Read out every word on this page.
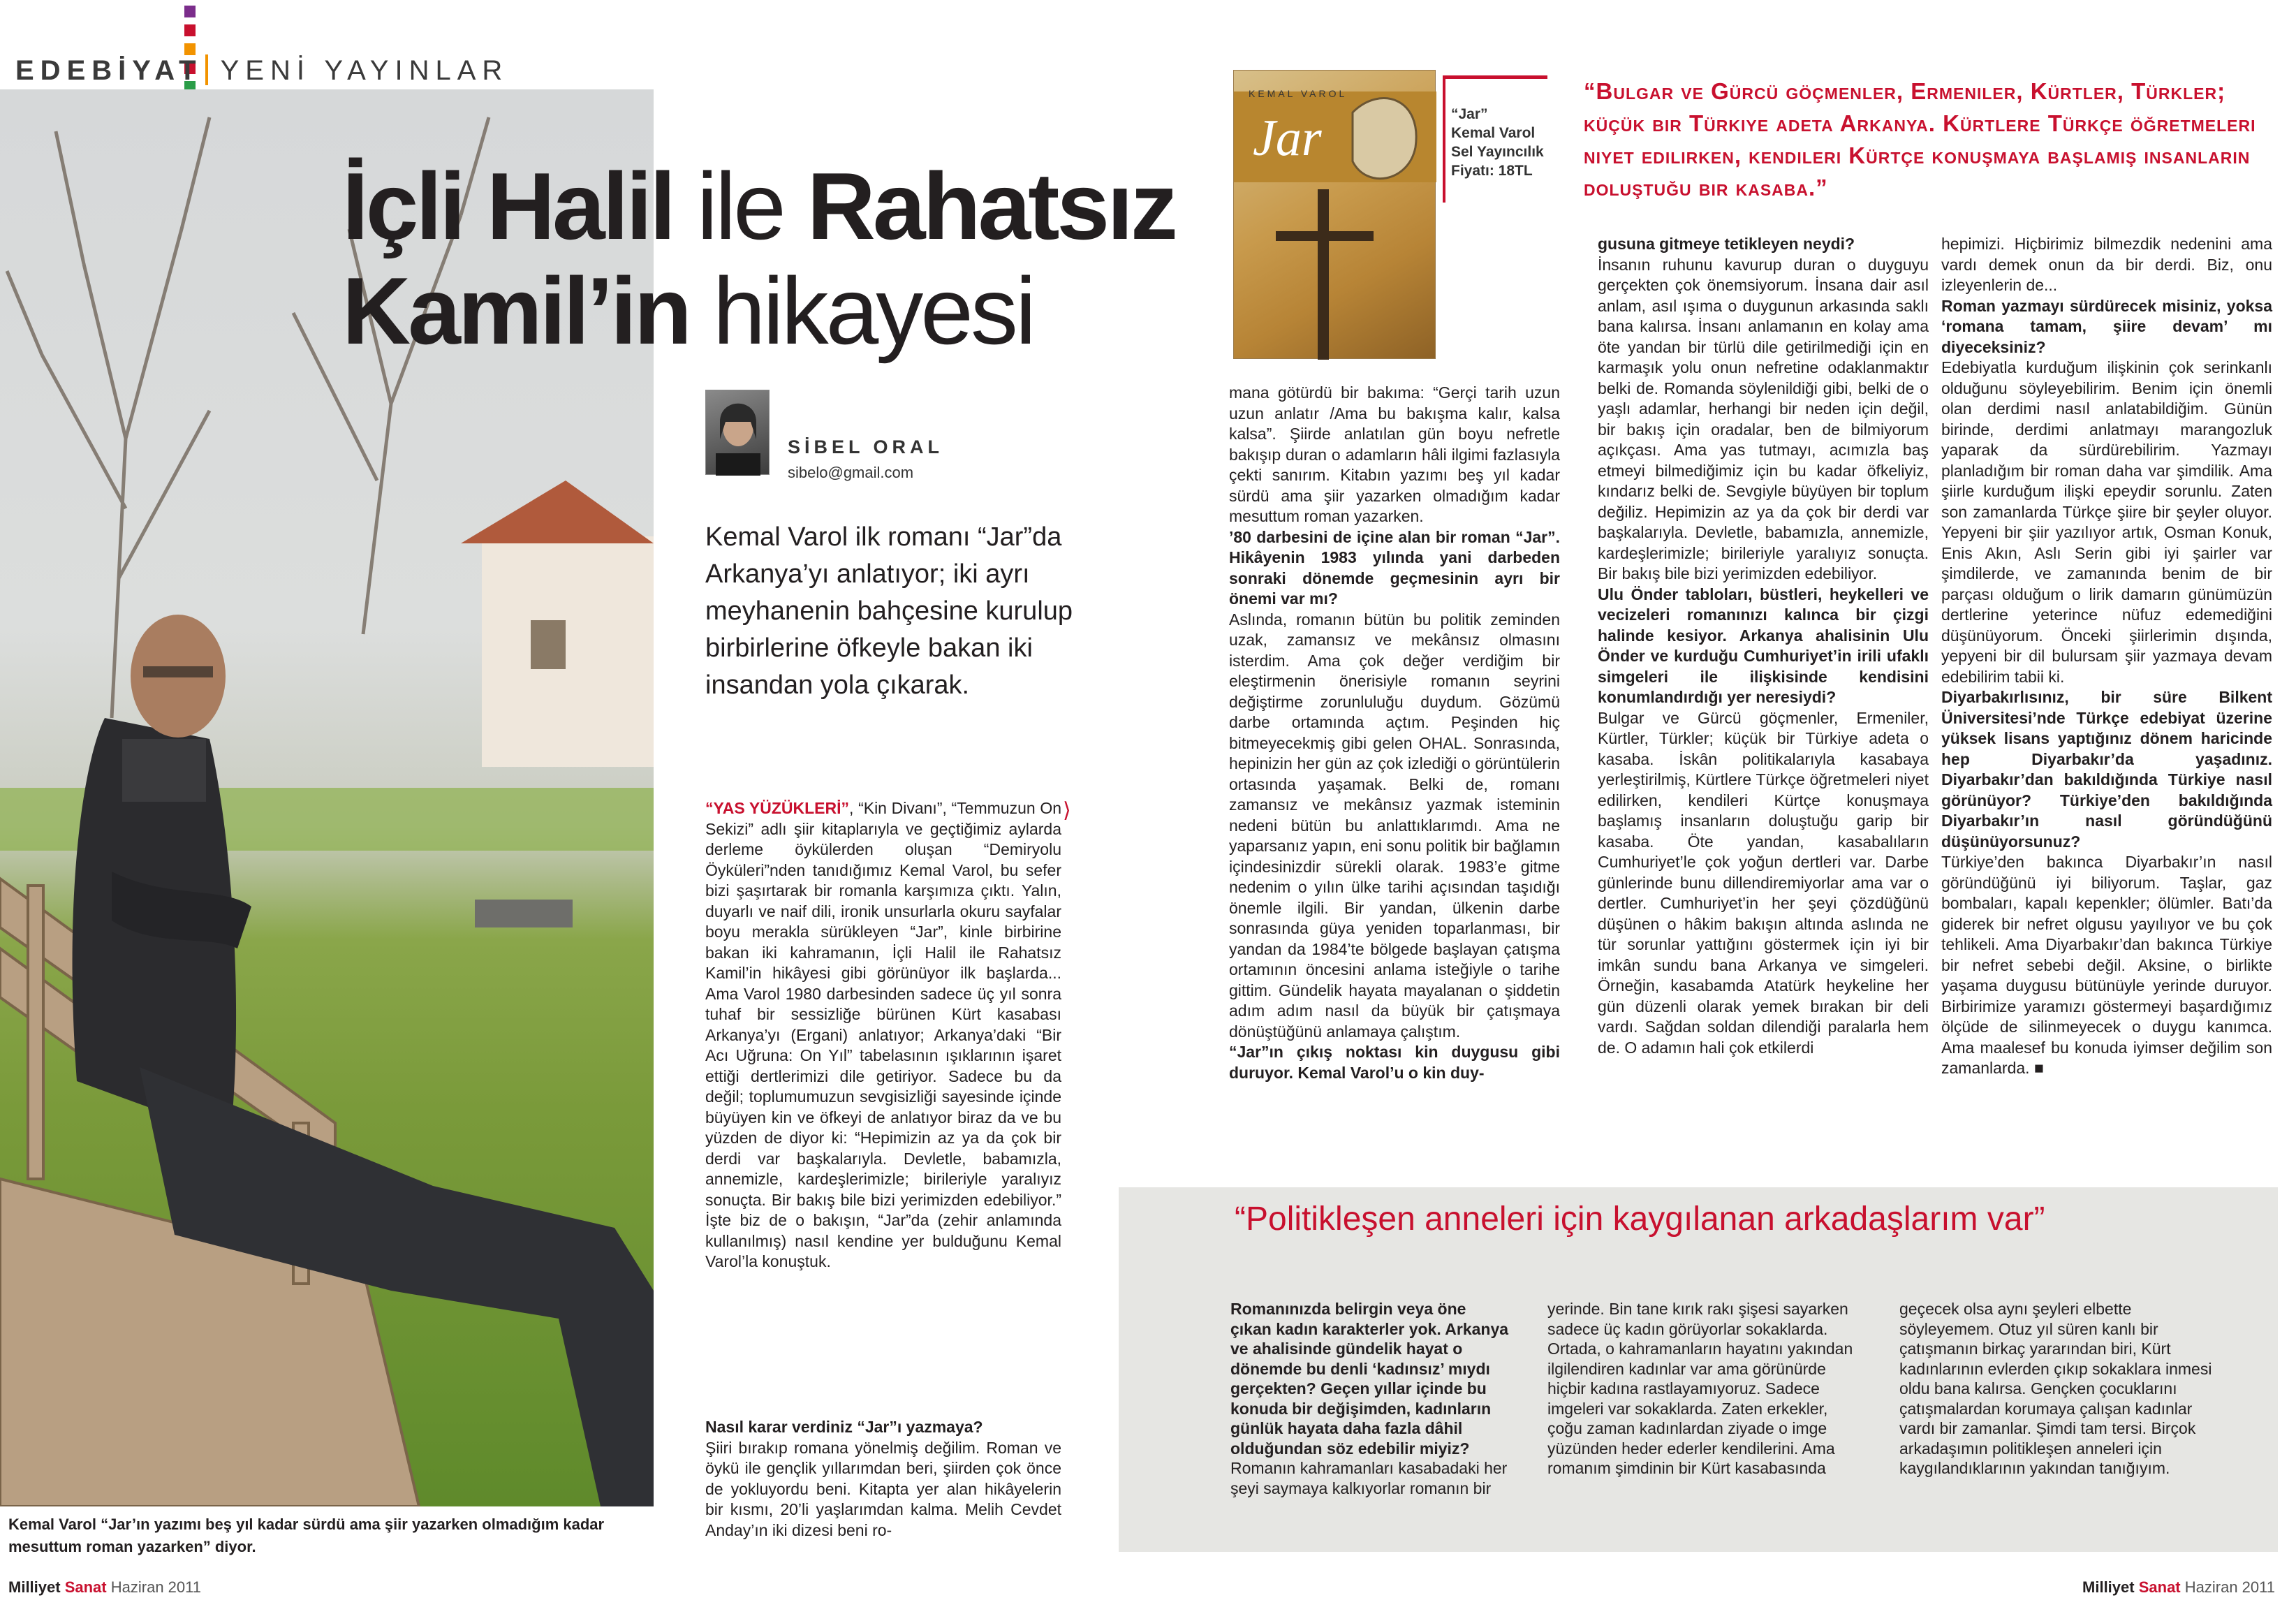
EDEBİYAT YENİ YAYINLAR
İçli Halil ile Rahatsız
Kamil’in hikayesi
SİBEL ORAL
sibelo@gmail.com
Kemal Varol ilk romanı “Jar”da Arkanya’yı anlatıyor; iki ayrı meyhanenin bahçesine kurulup birbirlerine öfkeyle bakan iki insandan yola çıkarak.
⟩

“YAS YÜZÜKLERİ”, “Kin Divanı”, “Temmuzun On Sekizi” adlı şiir kitaplarıyla ve geçtiğimiz aylarda derleme öykülerden oluşan “Demiryolu Öyküleri”nden tanıdığımız Kemal Varol, bu sefer bizi şaşırtarak bir romanla karşımıza çıktı. Yalın, duyarlı ve naif dili, ironik unsurlarla okuru sayfalar boyu merakla sürükleyen “Jar”, kinle birbirine bakan iki kahramanın, İçli Halil ile Rahatsız Kamil’in hikâyesi gibi görünüyor ilk başlarda... Ama Varol 1980 darbesinden sadece üç yıl sonra tuhaf bir sessizliğe bürünen Kürt kasabası Arkanya’yı (Ergani) anlatıyor; Arkanya’daki “Bir Acı Uğruna: On Yıl” tabelasının ışıklarının işaret ettiği dertlerimizi dile getiriyor. Sadece bu da değil; toplumumuzun sevgisizliği sayesinde içinde büyüyen kin ve öfkeyi de anlatıyor biraz da ve bu yüzden de diyor ki: “Hepimizin az ya da çok bir derdi var başkalarıyla. Devletle, babamızla, annemizle, kardeşlerimizle; birileriyle yaralıyız sonuçta. Bir bakış bile bizi yerimizden edebiliyor.” İşte biz de o bakışın, “Jar”da (zehir anlamında kullanılmış) nasıl kendine yer bulduğunu Kemal Varol’la konuştuk.

Nasıl karar verdiniz “Jar”ı yazmaya?

Şiiri bırakıp romana yönelmiş değilim. Roman ve öykü ile gençlik yıllarımdan beri, şiirden çok önce de yokluyordu beni. Kitapta yer alan hikâyelerin bir kısmı, 20’li yaşlarımdan kalma. Melih Cevdet Anday’ın iki dizesi beni ro-

KEMAL VAROL
Jar	“Jar”
Kemal Varol
Sel Yayıncılık
Fiyatı: 18TL
“Bulgar ve Gürcü göçmenler, Ermeniler, Kürtler, Türkler; küçük bir Türkiye adeta Arkanya. Kürtlere Türkçe öğretmeleri niyet edilirken, kendileri Kürtçe konuşmaya başlamış insanların doluştuğu bir kasaba.”

mana götürdü bir bakıma: “Gerçi tarih uzun uzun anlatır /Ama bu bakışma kalır, kalsa kalsa”. Şiirde anlatılan gün boyu nefretle bakışıp duran o adamların hâli ilgimi fazlasıyla çekti sanırım. Kitabın yazımı beş yıl kadar sürdü ama şiir yazarken olmadığım kadar mesuttum roman yazarken.

’80 darbesini de içine alan bir roman “Jar”. Hikâyenin 1983 yılında yani darbeden sonraki dönemde geçmesinin ayrı bir önemi var mı?

Aslında, romanın bütün bu politik zeminden uzak, zamansız ve mekânsız olmasını isterdim. Ama çok değer verdiğim bir eleştirmenin önerisiyle romanın seyrini değiştirme zorunluluğu duydum. Gözümü darbe ortamında açtım. Peşinden hiç bitmeyecekmiş gibi gelen OHAL. Sonrasında, hepinizin her gün az çok izlediği o görüntülerin ortasında yaşamak. Belki de, romanı zamansız ve mekânsız yazmak isteminin nedeni bütün bu anlattıklarımdı. Ama ne yaparsanız yapın, eni sonu politik bir bağlamın içindesinizdir sürekli olarak. 1983’e gitme nedenim o yılın ülke tarihi açısından taşıdığı önemle ilgili. Bir yandan, ülkenin darbe sonrasında güya yeniden toparlanması, bir yandan da 1984’te bölgede başlayan çatışma ortamının öncesini anlama isteğiyle o tarihe gittim. Gündelik hayata mayalanan o şiddetin adım adım nasıl da büyük bir çatışmaya dönüştüğünü anlamaya çalıştım.

“Jar”ın çıkış noktası kin duygusu gibi duruyor. Kemal Varol’u o kin duy-

gusuna gitmeye tetikleyen neydi?

İnsanın ruhunu kavurup duran o duyguyu gerçekten çok önemsiyorum. İnsana dair asıl anlam, asıl ışıma o duygunun arkasında saklı bana kalırsa. İnsanı anlamanın en kolay ama öte yandan bir türlü dile getirilmediği için en karmaşık yolu onun nefretine odaklanmaktır belki de. Romanda söylenildiği gibi, belki de o yaşlı adamlar, herhangi bir neden için değil, bir bakış için oradalar, ben de bilmiyorum açıkçası. Ama yas tutmayı, acımızla baş etmeyi bilmediğimiz için bu kadar öfkeliyiz, kındarız belki de. Sevgiyle büyüyen bir toplum değiliz. Hepimizin az ya da çok bir derdi var başkalarıyla. Devletle, babamızla, annemizle, kardeşlerimizle; birileriyle yaralıyız sonuçta. Bir bakış bile bizi yerimizden edebiliyor.

Ulu Önder tabloları, büstleri, heykelleri ve vecizeleri romanınızı kalınca bir çizgi halinde kesiyor. Arkanya ahalisinin Ulu Önder ve kurduğu Cumhuriyet’in irili ufaklı simgeleri ile ilişkisinde kendisini konumlandırdığı yer neresiydi?

Bulgar ve Gürcü göçmenler, Ermeniler, Kürtler, Türkler; küçük bir Türkiye adeta o kasaba. İskân politikalarıyla kasabaya yerleştirilmiş, Kürtlere Türkçe öğretmeleri niyet edilirken, kendileri Kürtçe konuşmaya başlamış insanların doluştuğu garip bir kasaba. Öte yandan, kasabalıların Cumhuriyet’le çok yoğun dertleri var. Darbe günlerinde bunu dillendiremiyorlar ama var o dertler. Cumhuriyet’in her şeyi çözdüğünü düşünen o hâkim bakışın altında aslında ne tür sorunlar yattığını göstermek için iyi bir imkân sundu bana Arkanya ve simgeleri. Örneğin, kasabamda Atatürk heykeline her gün düzenli olarak yemek bırakan bir deli vardı. Sağdan soldan dilendiği paralarla hem de. O adamın hali çok etkilerdi

hepimizi. Hiçbirimiz bilmezdik nedenini ama vardı demek onun da bir derdi. Biz, onu izleyenlerin de...

Roman yazmayı sürdürecek misiniz, yoksa ‘romana tamam, şiire devam’ mı diyeceksiniz?

Edebiyatla kurduğum ilişkinin çok serinkanlı olduğunu söyleyebilirim. Benim için önemli olan derdimi nasıl anlatabildiğim. Günün birinde, derdimi anlatmayı marangozluk yaparak da sürdürebilirim. Yazmayı planladığım bir roman daha var şimdilik. Ama şiirle kurduğum ilişki epeydir sorunlu. Zaten son zamanlarda Türkçe şiire bir şeyler oluyor. Yepyeni bir şiir yazılıyor artık, Osman Konuk, Enis Akın, Aslı Serin gibi iyi şairler var şimdilerde, ve zamanında benim de bir parçası olduğum o lirik damarın günümüzün dertlerine yeterince nüfuz edemediğini düşünüyorum. Önceki şiirlerimin dışında, yepyeni bir dil bulursam şiir yazmaya devam edebilirim tabii ki.

Diyarbakırlısınız, bir süre Bilkent Üniversitesi’nde Türkçe edebiyat üzerine yüksek lisans yaptığınız dönem haricinde hep Diyarbakır’da yaşadınız. Diyarbakır’dan bakıldığında Türkiye nasıl görünüyor? Türkiye’den bakıldığında Diyarbakır’ın nasıl göründüğünü düşünüyorsunuz?

Türkiye’den bakınca Diyarbakır’ın nasıl göründüğünü iyi biliyorum. Taşlar, gaz bombaları, kapalı kepenkler; ölümler. Batı’da giderek bir nefret olgusu yayılıyor ve bu çok tehlikeli. Ama Diyarbakır’dan bakınca Türkiye bir nefret sebebi değil. Aksine, o birlikte yaşama duygusu bütünüyle yerinde duruyor. Birbirimize yaramızı göstermeyi başardığımız ölçüde de silinmeyecek o duygu kanımca. Ama maalesef bu konuda iyimser değilim son zamanlarda. ■

“Politikleşen anneleri için kaygılanan arkadaşlarım var”

Romanınızda belirgin veya öne çıkan kadın karakterler yok. Arkanya ve ahalisinde gündelik hayat o dönemde bu denli ‘kadınsız’ mıydı gerçekten? Geçen yıllar içinde bu konuda bir değişimden, kadınların günlük hayata daha fazla dâhil olduğundan söz edebilir miyiz?

Romanın kahramanları kasabadaki her şeyi saymaya kalkıyorlar romanın bir

yerinde. Bin tane kırık rakı şişesi sayarken sadece üç kadın görüyorlar sokaklarda. Ortada, o kahramanların hayatını yakından ilgilendiren kadınlar var ama görünürde hiçbir kadına rastlayamıyoruz. Sadece imgeleri var sokaklarda. Zaten erkekler, çoğu zaman kadınlardan ziyade o imge yüzünden heder ederler kendilerini. Ama romanım şimdinin bir Kürt kasabasında

geçecek olsa aynı şeyleri elbette söyleyemem. Otuz yıl süren kanlı bir çatışmanın birkaç yararından biri, Kürt kadınlarının evlerden çıkıp sokaklara inmesi oldu bana kalırsa. Gençken çocuklarını çatışmalardan korumaya çalışan kadınlar vardı bir zamanlar. Şimdi tam tersi. Birçok arkadaşımın politikleşen anneleri için kaygılandıklarının yakından tanığıyım.

Kemal Varol “Jar’ın yazımı beş yıl kadar sürdü ama şiir yazarken olmadığım kadar mesuttum roman yazarken” diyor.
Milliyet Sanat Haziran 2011	Milliyet Sanat Haziran 2011
